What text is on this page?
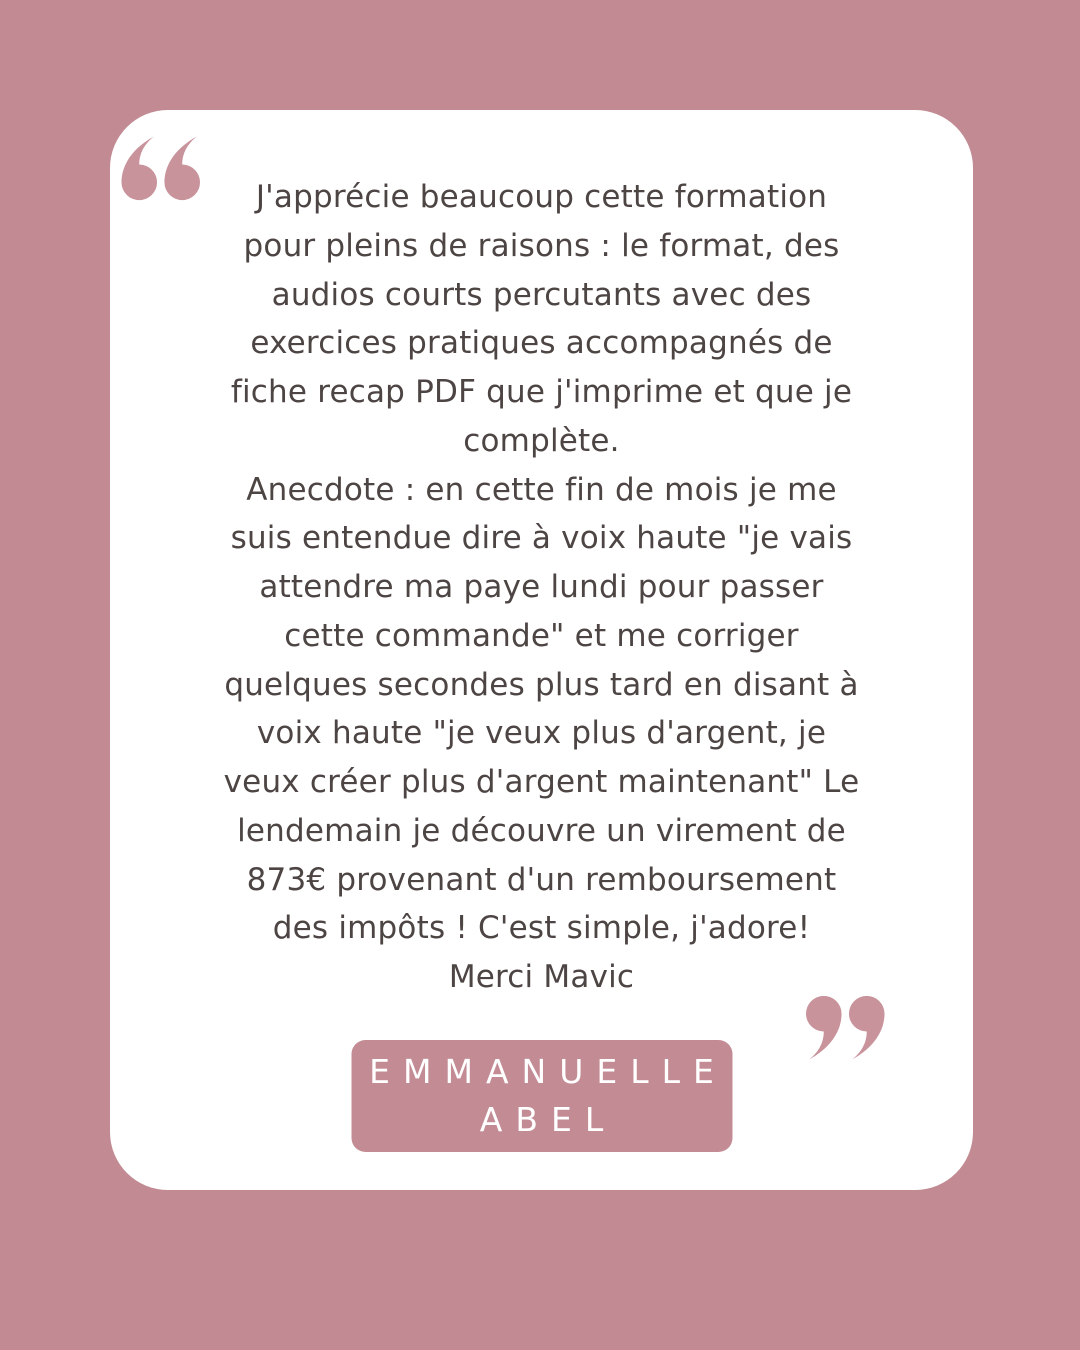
J'apprécie beaucoup cette formation
pour pleins de raisons : le format, des
audios courts percutants avec des
exercices pratiques accompagnés de
fiche recap PDF que j'imprime et que je
complète.
Anecdote : en cette fin de mois je me
suis entendue dire à voix haute "je vais
attendre ma paye lundi pour passer
cette commande" et me corriger
quelques secondes plus tard en disant à
voix haute "je veux plus d'argent, je
veux créer plus d'argent maintenant" Le
lendemain je découvre un virement de
873€ provenant d'un remboursement
des impôts ! C'est simple, j'adore!
Merci Mavic
EMMANUELLE
ABEL
